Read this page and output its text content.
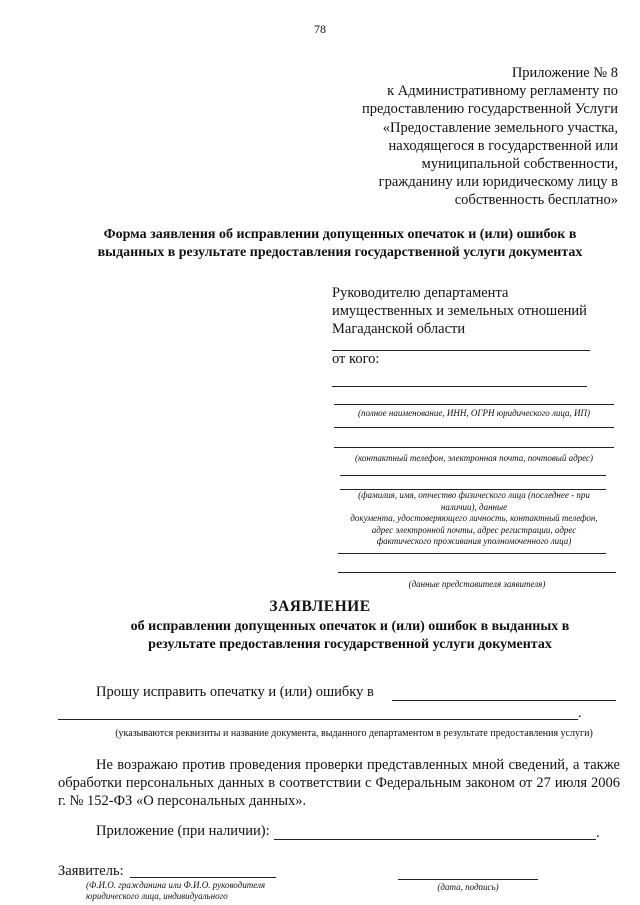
78
Приложение № 8
к Административному регламенту по
предоставлению государственной Услуги
«Предоставление земельного участка,
находящегося в государственной или
муниципальной собственности,
гражданину или юридическому лицу в
собственность бесплатно»
Форма заявления об исправлении допущенных опечаток и (или) ошибок в
выданных в результате предоставления государственной услуги документах
Руководителю департамента
имущественных и земельных отношений
Магаданской области
от кого:
(полное наименование, ИНН, ОГРН юридического лица, ИП)
(контактный телефон, электронная почта, почтовый адрес)
(фамилия, имя, отчество физического лица (последнее - при
наличии), данные
документа, удостоверяющего личность, контактный телефон,
адрес электронной почты, адрес регистрации, адрес
фактического проживания уполномоченного лица)
(данные представителя заявителя)
ЗАЯВЛЕНИЕ
об исправлении допущенных опечаток и (или) ошибок в выданных в
результате предоставления государственной услуги документах
Прошу исправить опечатку и (или) ошибку в
.
(указываются реквизиты и название документа, выданного департаментом в результате предоставления услуги)
Не возражаю против проведения проверки представленных мной сведений, а также обработки персональных данных в соответствии с Федеральным законом от 27 июля 2006 г. № 152-ФЗ «О персональных данных».
Приложение (при наличии):	.
Заявитель:
(Ф.И.О. гражданина или Ф.И.О. руководителя
юридического лица, индивидуального
(дата, подпись)
